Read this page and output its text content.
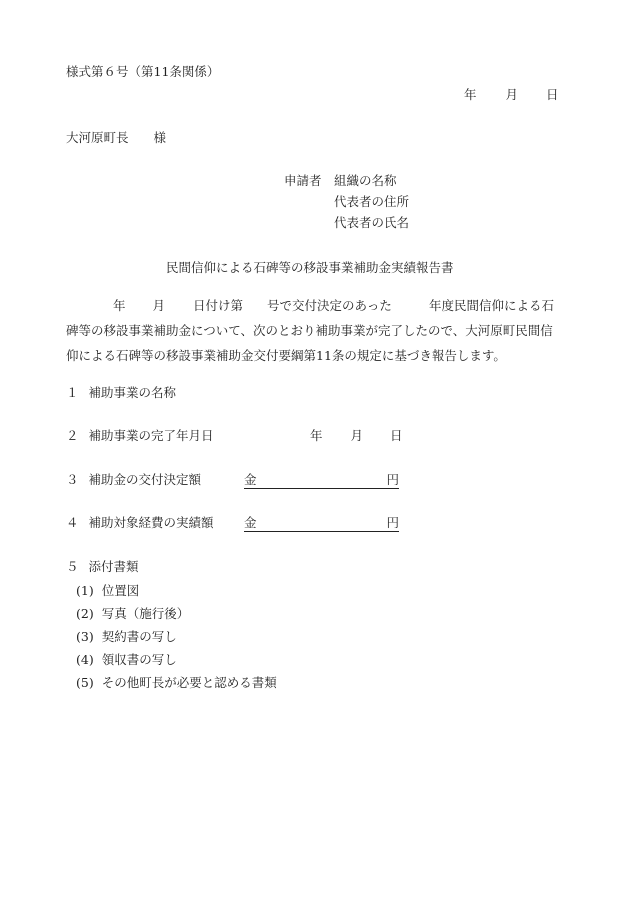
様式第６号（第11条関係）
年 月 日
大河原町長 様
申請者 組織の名称
代表者の住所
代表者の氏名
民間信仰による石碑等の移設事業補助金実績報告書
年 月 日付け第 号で交付決定のあった	年度民間信仰による石
碑等の移設事業補助金について、次のとおり補助事業が完了したので、大河原町民間信
仰による石碑等の移設事業補助金交付要綱第11条の規定に基づき報告します。
１ 補助事業の名称
２ 補助事業の完了年月日	年 月 日
３ 補助金の交付決定額	金	円
４ 補助対象経費の実績額 金	円
５ 添付書類
(1) 位置図
(2) 写真（施行後）
(3) 契約書の写し
(4) 領収書の写し
(5) その他町長が必要と認める書類
